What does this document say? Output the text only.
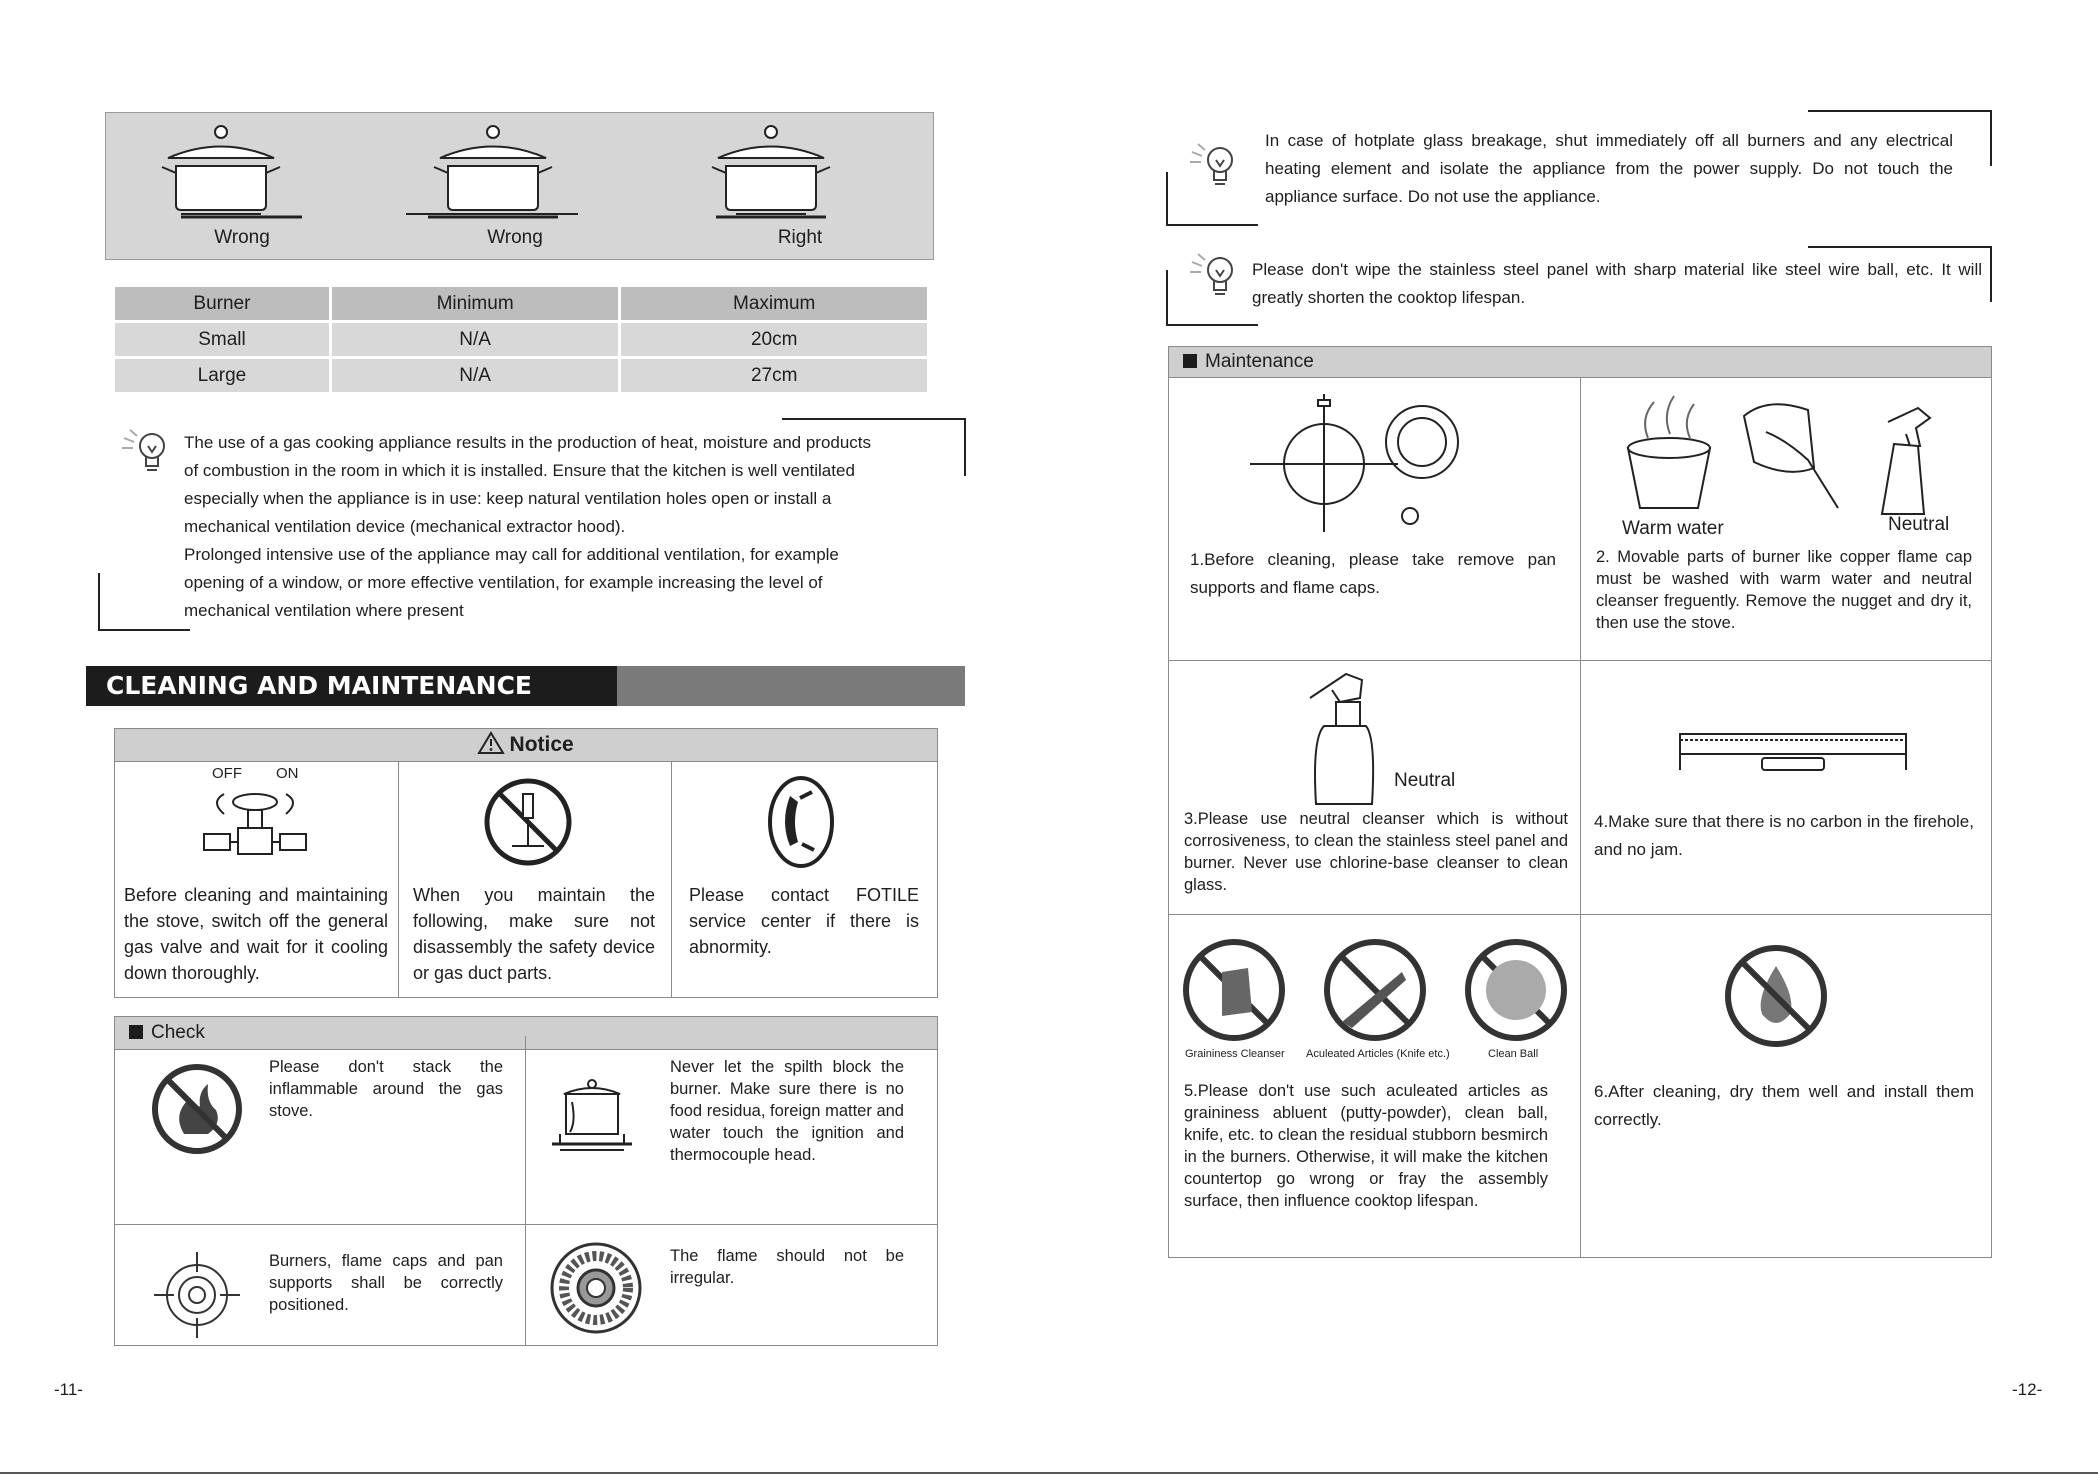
Wrong	Wrong	Right
Burner	Minimum	Maximum
Small	N/A	20cm
Large	N/A	27cm
The use of a gas cooking appliance results in the production of heat, moisture and products
of combustion in the room in which it is installed. Ensure that the kitchen is well ventilated
especially when the appliance is in use: keep natural ventilation holes open or install a
mechanical ventilation device (mechanical extractor hood).
Prolonged intensive use of the appliance may call for additional ventilation, for example
opening of a window, or more effective ventilation, for example increasing the level of
mechanical ventilation where present
CLEANING AND MAINTENANCE
Notice
OFF ON
Before cleaning and maintaining the stove, switch off the general gas valve and wait for it cooling down thoroughly.
When you maintain the following, make sure not disassembly the safety device or gas duct parts.
Please contact FOTILE service center if there is abnormity.
Check
Please don't stack the inflammable around the gas stove.
Never let the spilth block the burner. Make sure there is no food residua, foreign matter and water touch the ignition and thermocouple head.
Burners, flame caps and pan supports shall be correctly positioned.
The flame should not be irregular.
-11-
In case of hotplate glass breakage, shut immediately off all burners and any electrical heating element and isolate the appliance from the power supply. Do not touch the appliance surface. Do not use the appliance.
Please don't wipe the stainless steel panel with sharp material like steel wire ball, etc. It will greatly shorten the cooktop lifespan.
Maintenance
1.Before cleaning, please take remove pan supports and flame caps.
Warm water	Neutral
2. Movable parts of burner like copper flame cap must be washed with warm water and neutral cleanser freguently. Remove the nugget and dry it, then use the stove.
Neutral
3.Please use neutral cleanser which is without corrosiveness, to clean the stainless steel panel and burner. Never use chlorine-base cleanser to clean glass.
4.Make sure that there is no carbon in the firehole, and no jam.
Graininess Cleanser Aculeated Articles (Knife etc.)	Clean Ball
5.Please don't use such aculeated articles as graininess abluent (putty-powder), clean ball, knife, etc. to clean the residual stubborn besmirch in the burners. Otherwise, it will make the kitchen countertop go wrong or fray the assembly surface, then influence cooktop lifespan.
6.After cleaning, dry them well and install them correctly.
-12-
